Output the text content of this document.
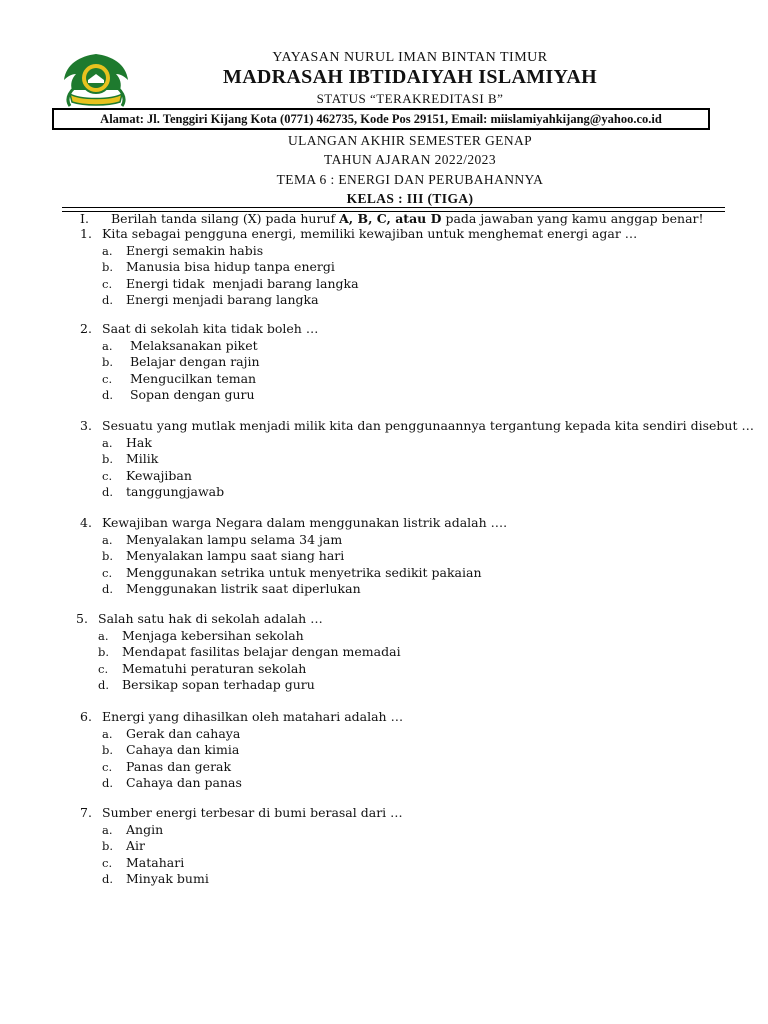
YAYASAN NURUL IMAN BINTAN TIMUR
MADRASAH IBTIDAIYAH ISLAMIYAH
STATUS “TERAKREDITASI B”
Alamat: Jl. Tenggiri Kijang Kota (0771) 462735, Kode Pos 29151, Email: miislamiyahkijang@yahoo.co.id
ULANGAN AKHIR SEMESTER GENAP
TAHUN AJARAN 2022/2023
TEMA 6 : ENERGI DAN PERUBAHANNYA
KELAS : III (TIGA)
I. Berilah tanda silang (X) pada huruf A, B, C, atau D pada jawaban yang kamu anggap benar!
1. Kita sebagai pengguna energi, memiliki kewajiban untuk menghemat energi agar …
a. Energi semakin habis
b. Manusia bisa hidup tanpa energi
c. Energi tidak  menjadi barang langka
d. Energi menjadi barang langka
2. Saat di sekolah kita tidak boleh …
a. Melaksanakan piket
b. Belajar dengan rajin
c. Mengucilkan teman
d. Sopan dengan guru
3. Sesuatu yang mutlak menjadi milik kita dan penggunaannya tergantung kepada kita sendiri disebut …
a. Hak
b. Milik
c. Kewajiban
d. tanggungjawab
4. Kewajiban warga Negara dalam menggunakan listrik adalah ….
a. Menyalakan lampu selama 34 jam
b. Menyalakan lampu saat siang hari
c. Menggunakan setrika untuk menyetrika sedikit pakaian
d. Menggunakan listrik saat diperlukan
5. Salah satu hak di sekolah adalah …
a. Menjaga kebersihan sekolah
b. Mendapat fasilitas belajar dengan memadai
c. Mematuhi peraturan sekolah
d. Bersikap sopan terhadap guru
6. Energi yang dihasilkan oleh matahari adalah …
a. Gerak dan cahaya
b. Cahaya dan kimia
c. Panas dan gerak
d. Cahaya dan panas
7. Sumber energi terbesar di bumi berasal dari …
a. Angin
b. Air
c. Matahari
d. Minyak bumi
